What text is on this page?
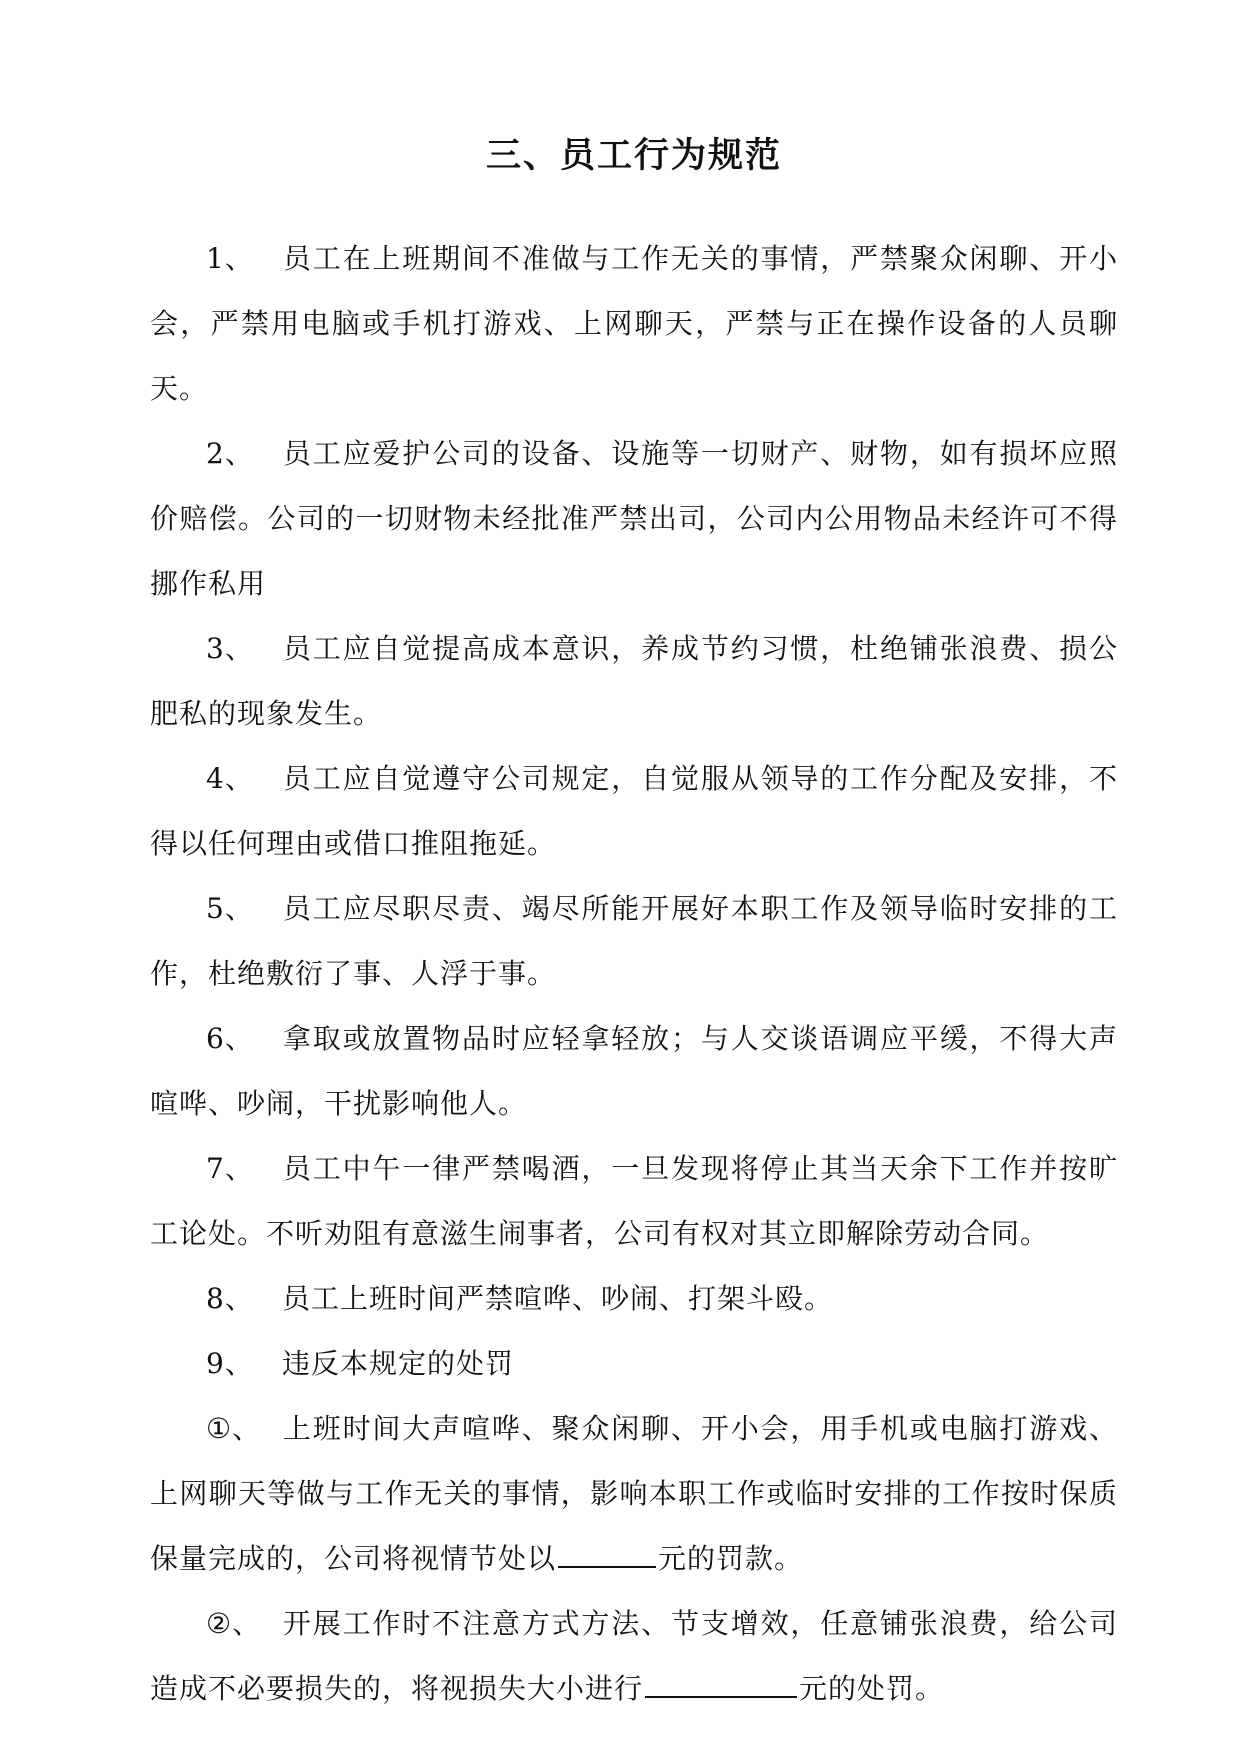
三、员工行为规范

1、 员工在上班期间不准做与工作无关的事情，严禁聚众闲聊、开小会，严禁用电脑或手机打游戏、上网聊天，严禁与正在操作设备的人员聊天。

2、 员工应爱护公司的设备、设施等一切财产、财物，如有损坏应照价赔偿。公司的一切财物未经批准严禁出司，公司内公用物品未经许可不得挪作私用

3、 员工应自觉提高成本意识，养成节约习惯，杜绝铺张浪费、损公肥私的现象发生。

4、 员工应自觉遵守公司规定，自觉服从领导的工作分配及安排，不得以任何理由或借口推阻拖延。

5、 员工应尽职尽责、竭尽所能开展好本职工作及领导临时安排的工作，杜绝敷衍了事、人浮于事。

6、 拿取或放置物品时应轻拿轻放；与人交谈语调应平缓，不得大声喧哗、吵闹，干扰影响他人。

7、 员工中午一律严禁喝酒，一旦发现将停止其当天余下工作并按旷工论处。不听劝阻有意滋生闹事者，公司有权对其立即解除劳动合同。

8、 员工上班时间严禁喧哗、吵闹、打架斗殴。

9、 违反本规定的处罚

①、 上班时间大声喧哗、聚众闲聊、开小会，用手机或电脑打游戏、上网聊天等做与工作无关的事情，影响本职工作或临时安排的工作按时保质保量完成的，公司将视情节处以	元的罚款。

②、 开展工作时不注意方式方法、节支增效，任意铺张浪费，给公司造成不必要损失的，将视损失大小进行	元的处罚。
